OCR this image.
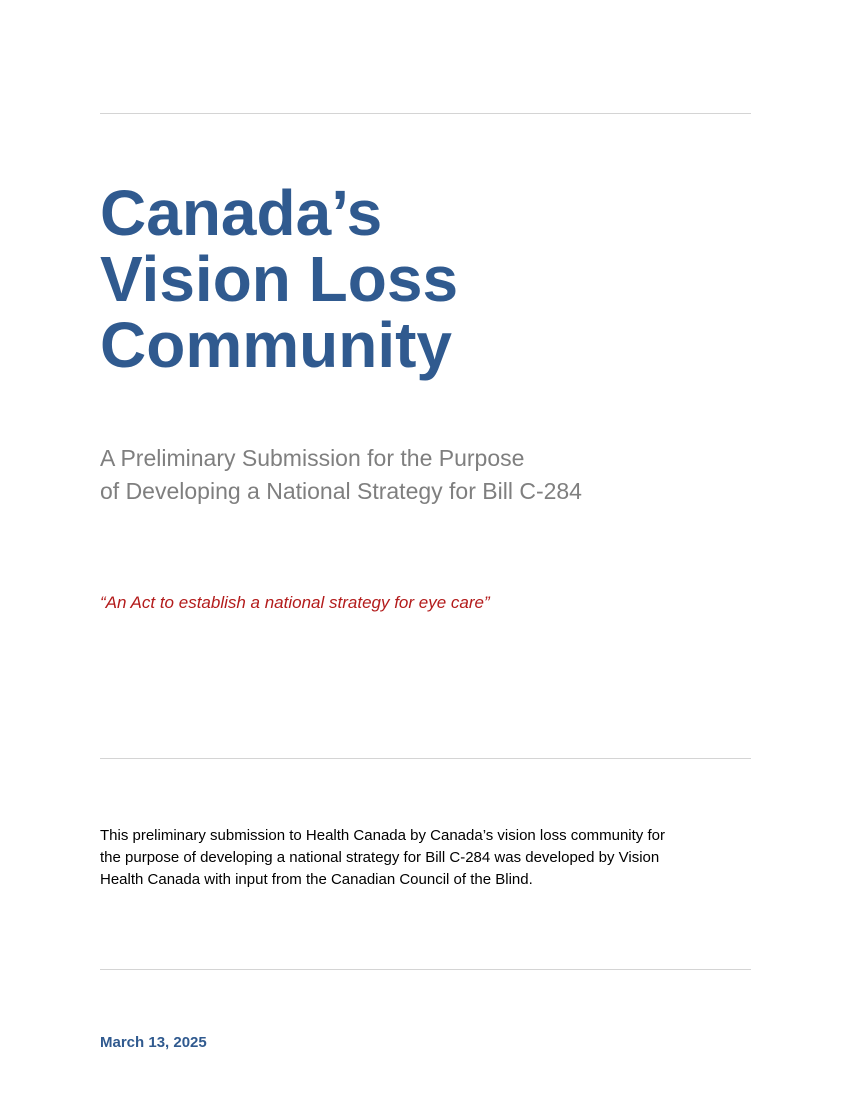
Canada’s
Vision Loss
Community
A Preliminary Submission for the Purpose
of Developing a National Strategy for Bill C-284

“An Act to establish a national strategy for eye care”

This preliminary submission to Health Canada by Canada’s vision loss community for
the purpose of developing a national strategy for Bill C-284 was developed by Vision
Health Canada with input from the Canadian Council of the Blind.

March 13, 2025
